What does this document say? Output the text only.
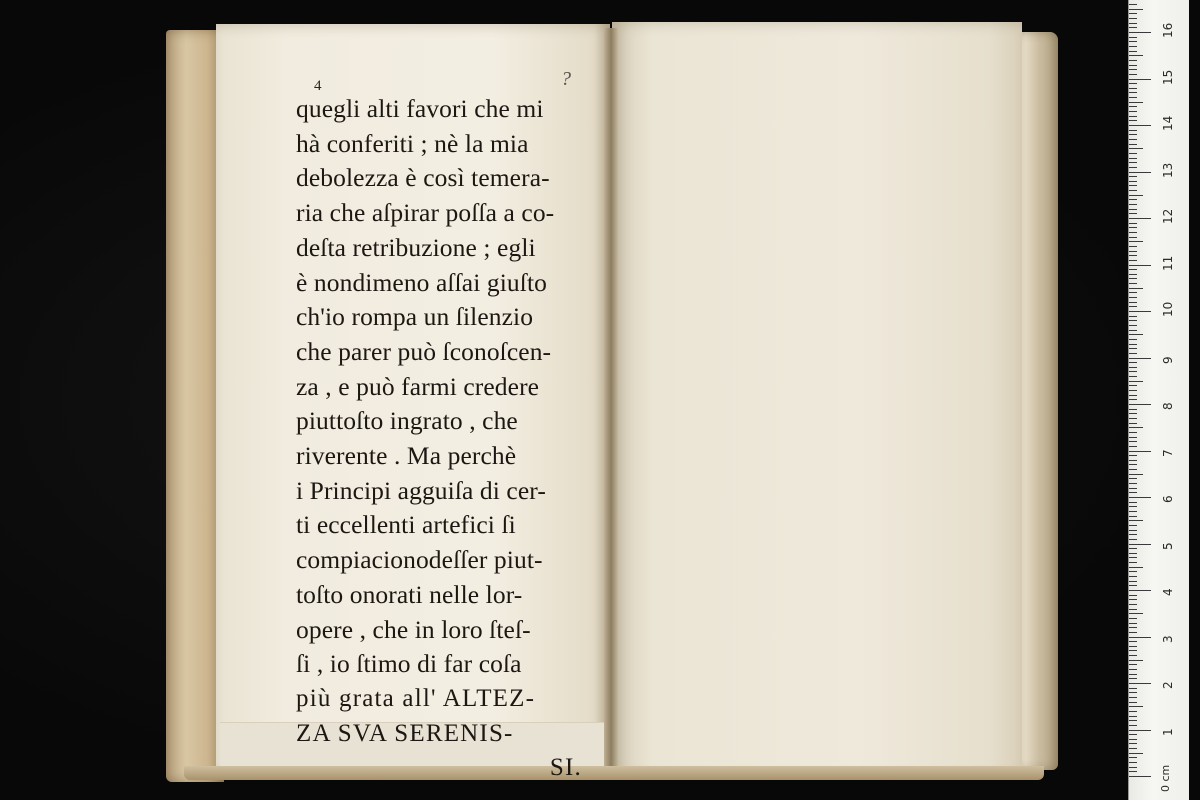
4	?
quegli alti favori che mi
hà conferiti ; nè la mia
debolezza è così temera-
ria che aſpirar poſſa a co-
deſta retribuzione ; egli
è nondimeno aſſai giuſto
ch'io rompa un ſilenzio
che parer può ſconoſcen-
za , e può farmi credere
piuttoſto ingrato , che
riverente . Ma perchè
i Principi agguiſa di cer-
ti eccellenti artefici ſi
compiacionodeſſer piut-
toſto onorati nelle lor-
opere , che in loro ſteſ-
ſi , io ſtimo di far coſa
più grata all' ALTEZ-
ZA SVA SERENIS-
SI.
1
2
3
4
5
6
7
8
9
10
11
12
13
14
15
16
0 cm
